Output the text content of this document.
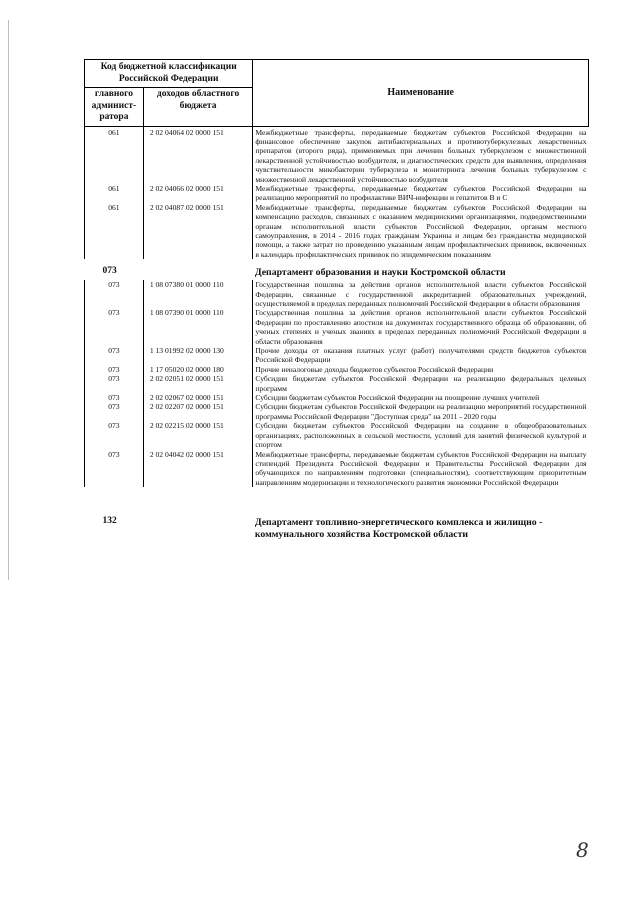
Код бюджетной классификации Российской Федерации		Наименование
главного админист-ратора	доходов областного бюджета	
061	2 02 04064 02 0000 151	Межбюджетные трансферты, передаваемые бюджетам субъектов Российской Федерации на финансовое обеспечение закупок антибактериальных и противотуберкулезных лекарственных препаратов (второго ряда), применяемых при лечении больных туберкулезом с множественной лекарственной устойчивостью возбудителя, и диагностических средств для выявления, определения чувствительности микобактерии туберкулеза и мониторинга лечения больных туберкулезом с множественной лекарственной устойчивостью возбудителя
061	2 02 04066 02 0000 151	Межбюджетные трансферты, передаваемые бюджетам субъектов Российской Федерации на реализацию мероприятий по профилактике ВИЧ-инфекции и гепатитов B и C
061	2 02 04087 02 0000 151	Межбюджетные трансферты, передаваемые бюджетам субъектов Российской Федерации на компенсацию расходов, связанных с оказанием медицинскими организациями, подведомственными органам исполнительной власти субъектов Российской Федерации, органам местного самоуправления, в 2014 - 2016 годах гражданам Украины и лицам без гражданства медицинской помощи, а также затрат по проведению указанным лицам профилактических прививок, включенных в календарь профилактических прививок по эпидемическим показаниям
073		Департамент образования и науки Костромской области
073	1 08 07380 01 0000 110	Государственная пошлина за действия органов исполнительной власти субъектов Российской Федерации, связанные с государственной аккредитацией образовательных учреждений, осуществляемой в пределах переданных полномочий Российской Федерации в области образования
073	1 08 07390 01 0000 110	Государственная пошлина за действия органов исполнительной власти субъектов Российской Федерации по проставлению апостиля на документах государственного образца об образовании, об ученых степенях и ученых званиях в пределах переданных полномочий Российской Федерации в области образования
073	1 13 01992 02 0000 130	Прочие доходы от оказания платных услуг (работ) получателями средств бюджетов субъектов Российской Федерации
073	1 17 05020 02 0000 180	Прочие неналоговые доходы бюджетов субъектов Российской Федерации
073	2 02 02051 02 0000 151	Субсидии бюджетам субъектов Российской Федерации на реализацию федеральных целевых программ
073	2 02 02067 02 0000 151	Субсидии бюджетам субъектов Российской Федерации на поощрение лучших учителей
073	2 02 02207 02 0000 151	Субсидии бюджетам субъектов Российской Федерации на реализацию мероприятий государственной программы Российской Федерации "Доступная среда" на 2011 - 2020 годы
073	2 02 02215 02 0000 151	Субсидии бюджетам субъектов Российской Федерации на создание в общеобразовательных организациях, расположенных в сельской местности, условий для занятий физической культурой и спортом
073	2 02 04042 02 0000 151	Межбюджетные трансферты, передаваемые бюджетам субъектов Российской Федерации на выплату стипендий Президента Российской Федерации и Правительства Российской Федерации для обучающихся по направлениям подготовки (специальностям), соответствующим приоритетным направлениям модернизации и технологического развития экономики Российской Федерации
132		Департамент топливно-энергетического комплекса и жилищно - коммунального хозяйства Костромской области
8
